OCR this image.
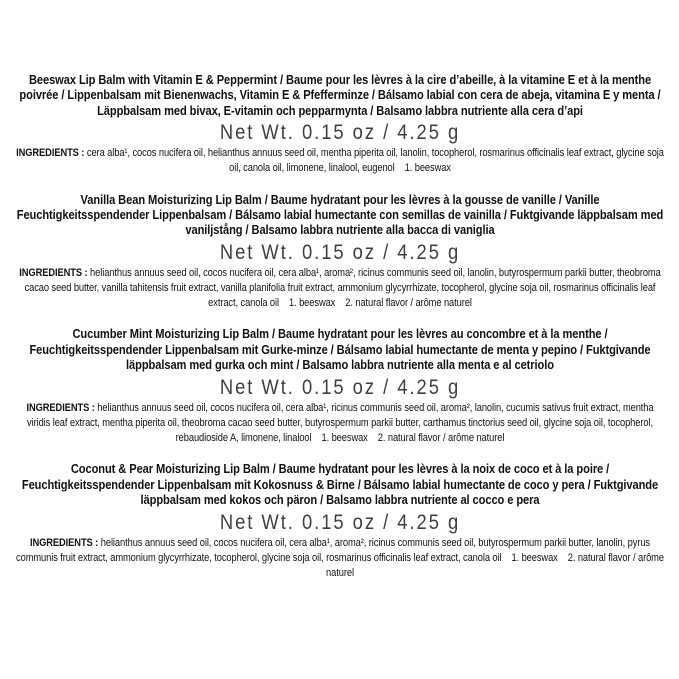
Beeswax Lip Balm with Vitamin E & Peppermint / Baume pour les lèvres à la cire d’abeille, à la vitamine E et à la menthe poivrée / Lippenbalsam mit Bienenwachs, Vitamin E & Pfefferminze / Bálsamo labial con cera de abeja, vitamina E y menta / Läppbalsam med bivax, E-vitamin och pepparmynta / Balsamo labbra nutriente alla cera d’api

Net Wt. 0.15 oz / 4.25 g

INGREDIENTS : cera alba¹, cocos nucifera oil, helianthus annuus seed oil, mentha piperita oil, lanolin, tocopherol, rosmarinus officinalis leaf extract, glycine soja oil, canola oil, limonene, linalool, eugenol    1. beeswax

Vanilla Bean Moisturizing Lip Balm / Baume hydratant pour les lèvres à la gousse de vanille / Vanille Feuchtigkeitsspendender Lippenbalsam / Bálsamo labial humectante con semillas de vainilla / Fuktgivande läppbalsam med vaniljstång / Balsamo labbra nutriente alla bacca di vaniglia

Net Wt. 0.15 oz / 4.25 g

INGREDIENTS : helianthus annuus seed oil, cocos nucifera oil, cera alba¹, aroma², ricinus communis seed oil, lanolin, butyrospermum parkii butter, theobroma cacao seed butter, vanilla tahitensis fruit extract, vanilla planifolia fruit extract, ammonium glycyrrhizate, tocopherol, glycine soja oil, rosmarinus officinalis leaf extract, canola oil    1. beeswax    2. natural flavor / arôme naturel

Cucumber Mint Moisturizing Lip Balm / Baume hydratant pour les lèvres au concombre et à la menthe / Feuchtigkeitsspendender Lippenbalsam mit Gurke-minze / Bálsamo labial humectante de menta y pepino / Fuktgivande läppbalsam med gurka och mint / Balsamo labbra nutriente alla menta e al cetriolo

Net Wt. 0.15 oz / 4.25 g

INGREDIENTS : helianthus annuus seed oil, cocos nucifera oil, cera alba¹, ricinus communis seed oil, aroma², lanolin, cucumis sativus fruit extract, mentha viridis leaf extract, mentha piperita oil, theobroma cacao seed butter, butyrospermum parkii butter, carthamus tinctorius seed oil, glycine soja oil, tocopherol, rebaudioside A, limonene, linalool    1. beeswax    2. natural flavor / arôme naturel

Coconut & Pear Moisturizing Lip Balm / Baume hydratant pour les lèvres à la noix de coco et à la poire / Feuchtigkeitsspendender Lippenbalsam mit Kokosnuss & Birne / Bálsamo labial humectante de coco y pera / Fuktgivande läppbalsam med kokos och päron / Balsamo labbra nutriente al cocco e pera

Net Wt. 0.15 oz / 4.25 g

INGREDIENTS : helianthus annuus seed oil, cocos nucifera oil, cera alba¹, aroma², ricinus communis seed oil, butyrospermum parkii butter, lanolin, pyrus communis fruit extract, ammonium glycyrrhizate, tocopherol, glycine soja oil, rosmarinus officinalis leaf extract, canola oil    1. beeswax    2. natural flavor / arôme naturel
